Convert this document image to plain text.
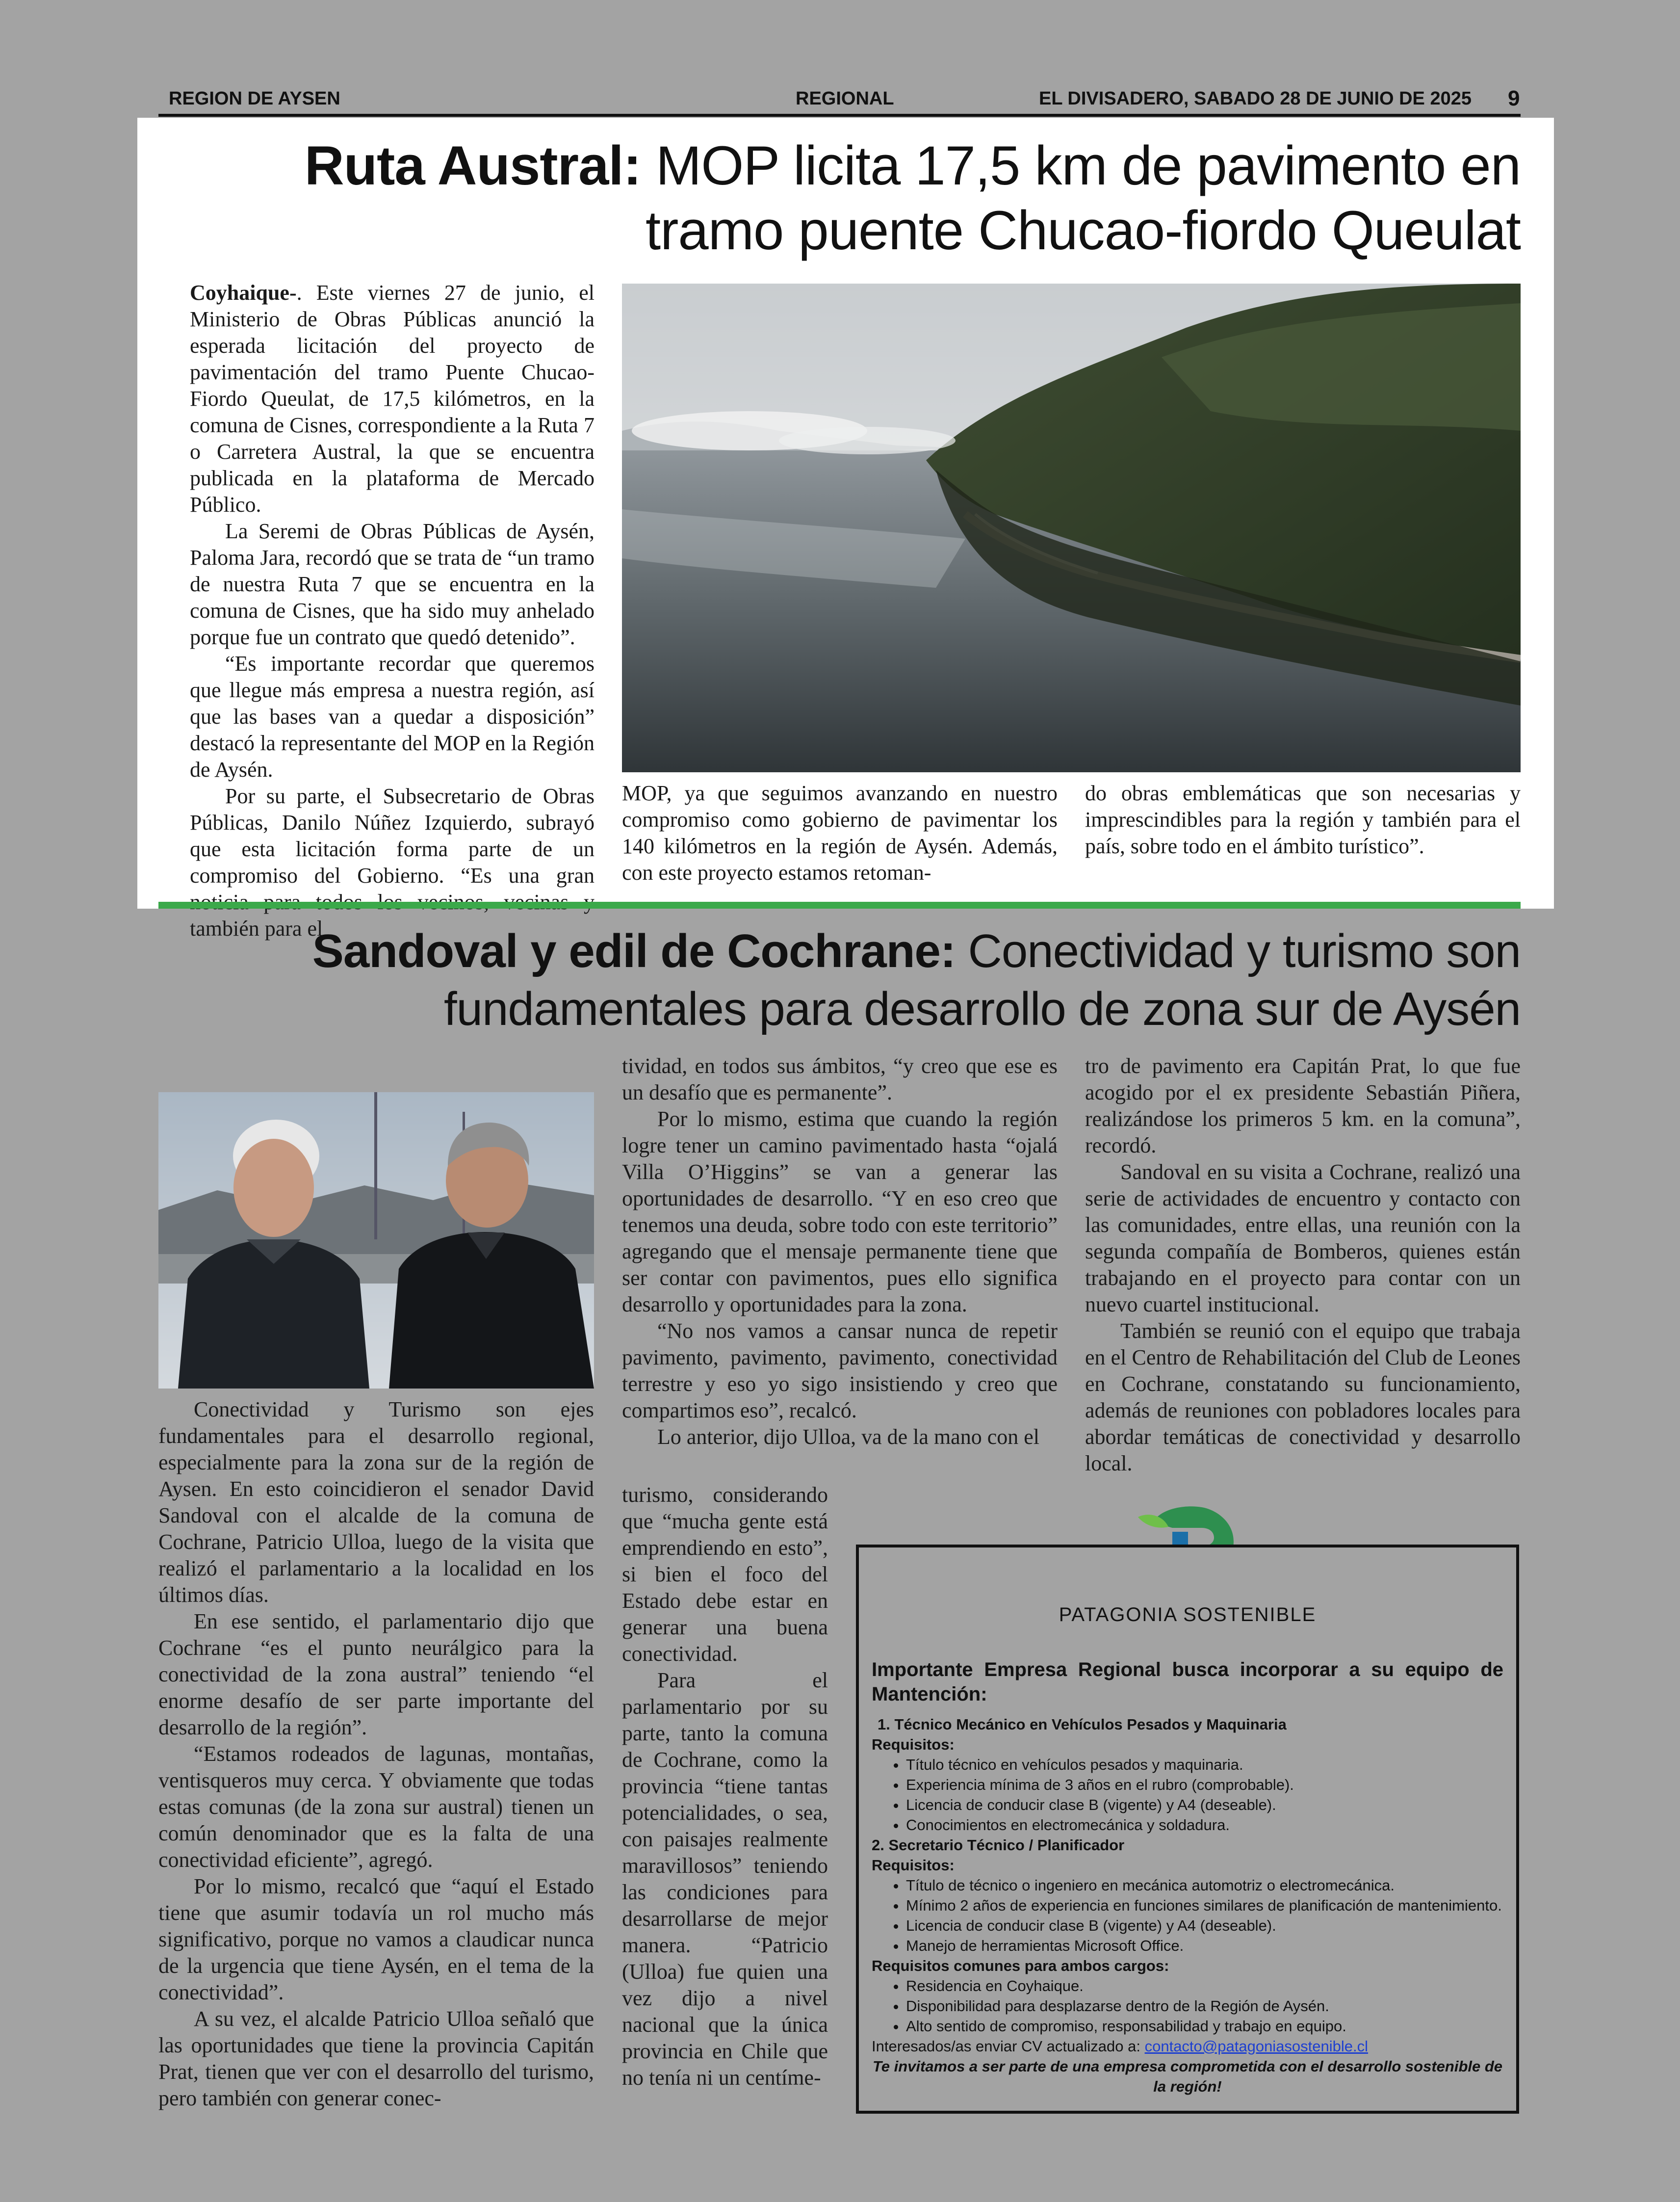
REGION DE AYSEN	REGIONAL	EL DIVISADERO, SABADO 28 DE JUNIO DE 2025 9
Ruta Austral: MOP licita 17,5 km de pavimento en
tramo puente Chucao-fiordo Queulat

Coyhaique-. Este viernes 27 de junio, el Ministerio de Obras Públicas anunció la esperada licitación del proyecto de pavimentación del tramo Puente Chucao-Fiordo Queulat, de 17,5 kilómetros, en la comuna de Cisnes, correspondiente a la Ruta 7 o Carretera Austral, la que se encuentra publicada en la plataforma de Mercado Público.

La Seremi de Obras Públicas de Aysén, Paloma Jara, recordó que se trata de “un tramo de nuestra Ruta 7 que se encuentra en la comuna de Cisnes, que ha sido muy anhelado porque fue un contrato que quedó detenido”.

“Es importante recordar que queremos que llegue más empresa a nuestra región, así que las bases van a quedar a disposición” destacó la representante del MOP en la Región de Aysén.

Por su parte, el Subsecretario de Obras Públicas, Danilo Núñez Izquierdo, subrayó que esta licitación forma parte de un compromiso del Gobierno. “Es una gran también para el

MOP, ya que seguimos avanzando en nuestro compromiso como gobierno de pavimentar los 140 kilómetros en la región de Aysén. Además, con este proyecto estamos retoman-

do obras emblemáticas que son necesarias y imprescindibles para la región y también para el país, sobre todo en el ámbito turístico”.

Sandoval y edil de Cochrane: Conectividad y turismo son
fundamentales para desarrollo de zona sur de Aysén

Conectividad y Turismo son ejes fundamentales para el desarrollo regional, especialmente para la zona sur de la región de Aysen. En esto coincidieron el senador David Sandoval con el alcalde de la comuna de Cochrane, Patricio Ulloa, luego de la visita que realizó el parlamentario a la localidad en los últimos días.

En ese sentido, el parlamentario dijo que Cochrane “es el punto neurálgico para la conectividad de la zona austral” teniendo “el enorme desafío de ser parte importante del desarrollo de la región”.

“Estamos rodeados de lagunas, montañas, ventisqueros muy cerca. Y obviamente que todas estas comunas (de la zona sur austral) tienen un común denominador que es la falta de una conectividad eficiente”, agregó.

Por lo mismo, recalcó que “aquí el Estado tiene que asumir todavía un rol mucho más significativo, porque no vamos a claudicar nunca de la urgencia que tiene Aysén, en el tema de la conectividad”.

A su vez, el alcalde Patricio Ulloa señaló que las oportunidades que tiene la provincia Capitán Prat, tienen que ver con el desarrollo del turismo, pero también con generar conec-

tividad, en todos sus ámbitos, “y creo que ese es un desafío que es permanente”.

Por lo mismo, estima que cuando la región logre tener un camino pavimentado hasta “ojalá Villa O’Higgins” se van a generar las oportunidades de desarrollo. “Y en eso creo que tenemos una deuda, sobre todo con este territorio” agregando que el mensaje permanente tiene que ser contar con pavimentos, pues ello significa desarrollo y oportunidades para la zona.

“No nos vamos a cansar nunca de repetir pavimento, pavimento, pavimento, conectividad terrestre y eso yo sigo insistiendo y creo que compartimos eso”, recalcó.

Lo anterior, dijo Ulloa, va de la mano con el

turismo, considerando que “mucha gente está emprendiendo en esto”, si bien el foco del Estado debe estar en generar una buena conectividad.

Para el parlamentario por su parte, tanto la comuna de Cochrane, como la provincia “tiene tantas potencialidades, o sea, con paisajes realmente maravillosos” teniendo las condiciones para desarrollarse de mejor manera. “Patricio (Ulloa) fue quien una vez dijo a nivel nacional que la única provincia en Chile que no tenía ni un centíme-

tro de pavimento era Capitán Prat, lo que fue acogido por el ex presidente Sebastián Piñera, realizándose los primeros 5 km. en la comuna”, recordó.

Sandoval en su visita a Cochrane, realizó una serie de actividades de encuentro y contacto con las comunidades, entre ellas, una reunión con la segunda compañía de Bomberos, quienes están trabajando en el proyecto para contar con un nuevo cuartel institucional.

También se reunió con el equipo que trabaja en el Centro de Rehabilitación del Club de Leones en Cochrane, constatando su funcionamiento, además de reuniones con pobladores locales para abordar temáticas de conectividad y desarrollo local.

PATAGONIA SOSTENIBLE
Importante Empresa Regional busca incorporar a su equipo de Mantención:
1. Técnico Mecánico en Vehículos Pesados y Maquinaria
Requisitos:
• Título técnico en vehículos pesados y maquinaria.
• Experiencia mínima de 3 años en el rubro (comprobable).
• Licencia de conducir clase B (vigente) y A4 (deseable).
• Conocimientos en electromecánica y soldadura.
2. Secretario Técnico / Planificador
Requisitos:
• Título de técnico o ingeniero en mecánica automotriz o electromecánica.
• Mínimo 2 años de experiencia en funciones similares de planificación de mantenimiento.
• Licencia de conducir clase B (vigente) y A4 (deseable).
• Manejo de herramientas Microsoft Office.
Requisitos comunes para ambos cargos:
• Residencia en Coyhaique.
• Disponibilidad para desplazarse dentro de la Región de Aysén.
• Alto sentido de compromiso, responsabilidad y trabajo en equipo.
Interesados/as enviar CV actualizado a: contacto@patagoniasostenible.cl
Te invitamos a ser parte de una empresa comprometida con el desarrollo sostenible de la región!
